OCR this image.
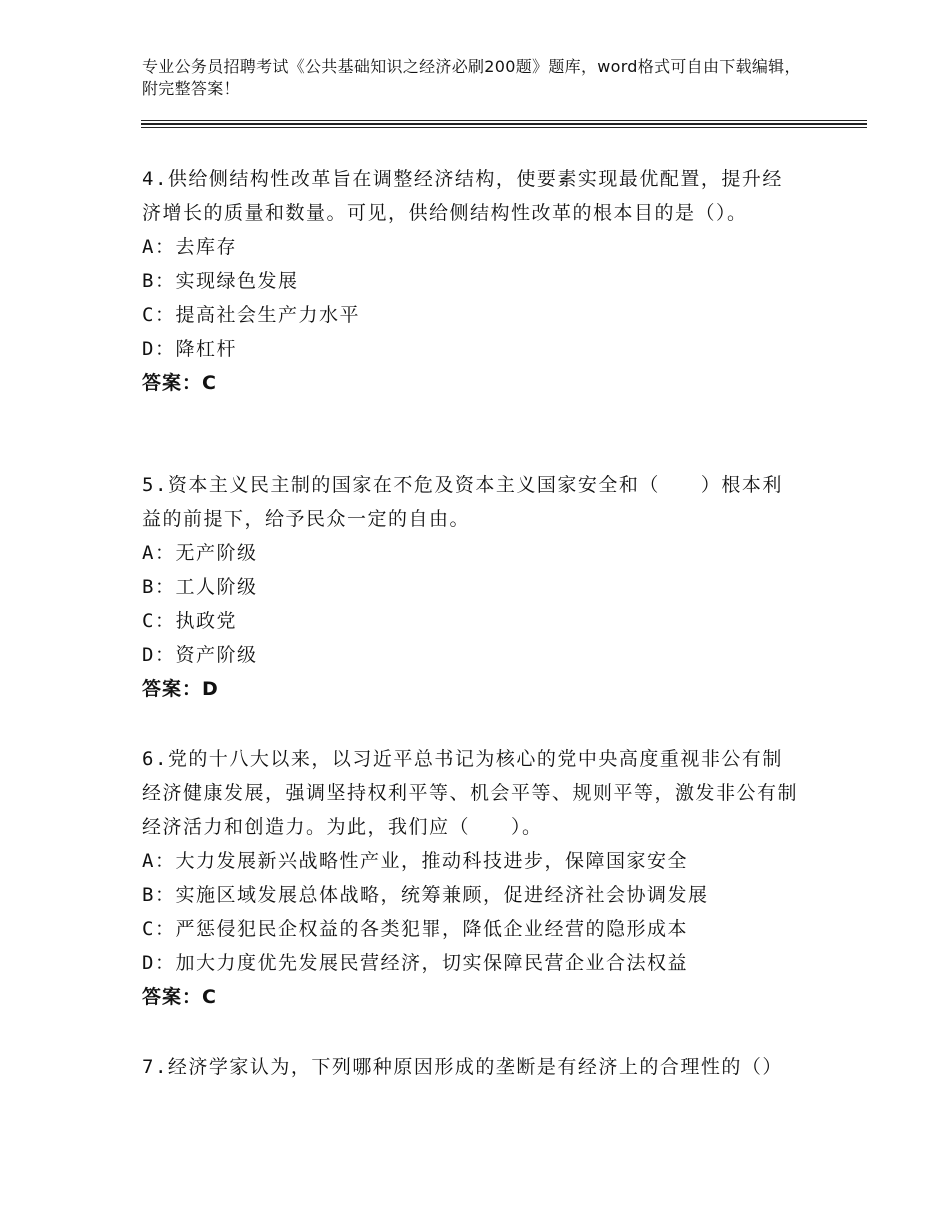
专业公务员招聘考试《公共基础知识之经济必刷200题》题库，word格式可自由下载编辑，附完整答案！

4.供给侧结构性改革旨在调整经济结构，使要素实现最优配置，提升经济增长的质量和数量。可见，供给侧结构性改革的根本目的是（）。

A：去库存

B：实现绿色发展

C：提高社会生产力水平

D：降杠杆

答案：C

5.资本主义民主制的国家在不危及资本主义国家安全和（　　）根本利益的前提下，给予民众一定的自由。

A：无产阶级

B：工人阶级

C：执政党

D：资产阶级

答案：D

6.党的十八大以来，以习近平总书记为核心的党中央高度重视非公有制经济健康发展，强调坚持权利平等、机会平等、规则平等，激发非公有制经济活力和创造力。为此，我们应（　　）。

A：大力发展新兴战略性产业，推动科技进步，保障国家安全

B：实施区域发展总体战略，统筹兼顾，促进经济社会协调发展

C：严惩侵犯民企权益的各类犯罪，降低企业经营的隐形成本

D：加大力度优先发展民营经济，切实保障民营企业合法权益

答案：C

7.经济学家认为，下列哪种原因形成的垄断是有经济上的合理性的（）
